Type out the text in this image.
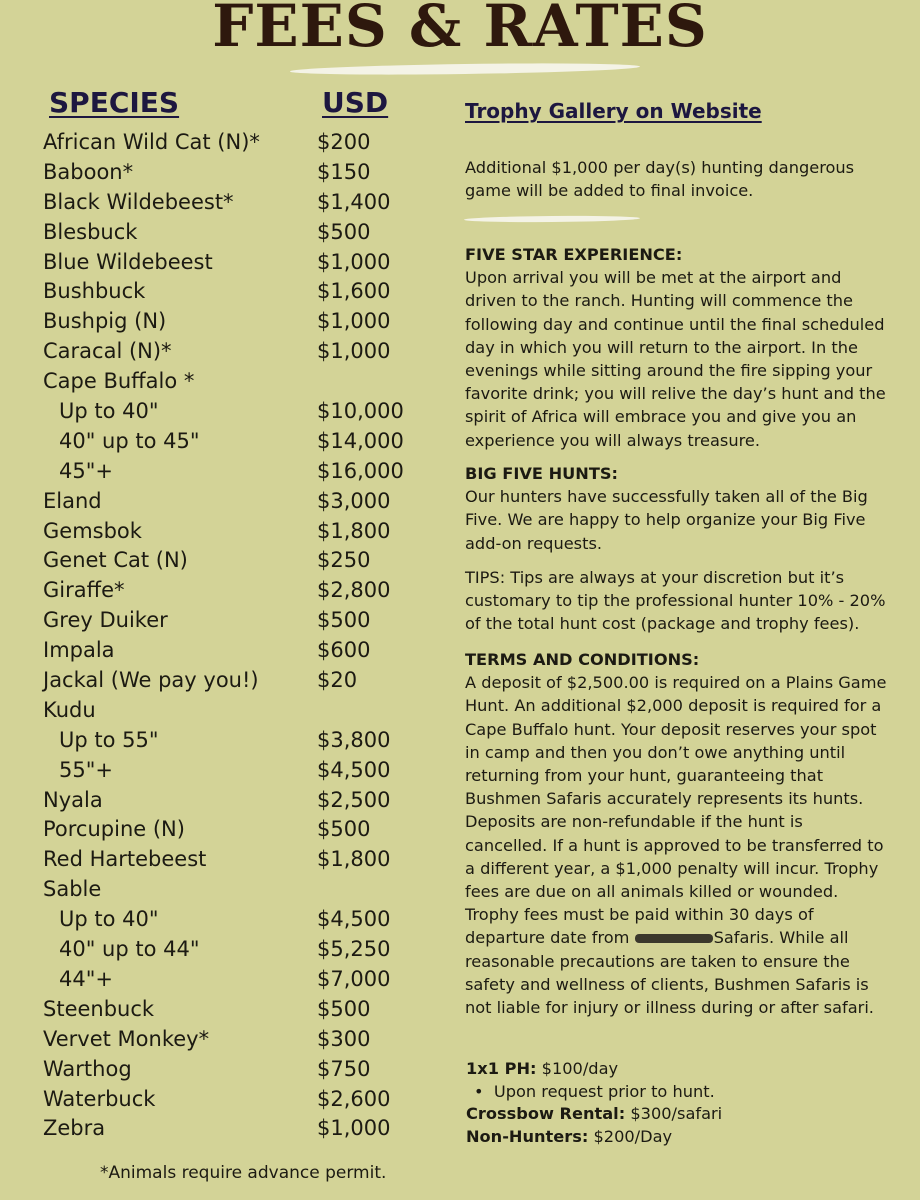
FEES & RATES
SPECIES	USD
African Wild Cat (N)*	$200
Baboon*	$150
Black Wildebeest*	$1,400
Blesbuck	$500
Blue Wildebeest	$1,000
Bushbuck	$1,600
Bushpig (N)	$1,000
Caracal (N)*	$1,000
Cape Buffalo *
Up to 40"	$10,000
40" up to 45"	$14,000
45"+	$16,000
Eland	$3,000
Gemsbok	$1,800
Genet Cat (N)	$250
Giraffe*	$2,800
Grey Duiker	$500
Impala	$600
Jackal (We pay you!)	$20
Kudu
Up to 55"	$3,800
55"+	$4,500
Nyala	$2,500
Porcupine (N)	$500
Red Hartebeest	$1,800
Sable
Up to 40"	$4,500
40" up to 44"	$5,250
44"+	$7,000
Steenbuck	$500
Vervet Monkey*	$300
Warthog	$750
Waterbuck	$2,600
Zebra	$1,000
Trophy Gallery on Website
Additional $1,000 per day(s) hunting dangerous game will be added to final invoice.
FIVE STAR EXPERIENCE:
Upon arrival you will be met at the airport and driven to the ranch. Hunting will commence the following day and continue until the final scheduled day in which you will return to the airport. In the evenings while sitting around the fire sipping your favorite drink; you will relive the day’s hunt and the spirit of Africa will embrace you and give you an experience you will always treasure.
BIG FIVE HUNTS:
Our hunters have successfully taken all of the Big Five. We are happy to help organize your Big Five add-on requests.
TIPS: Tips are always at your discretion but it’s customary to tip the professional hunter 10% - 20% of the total hunt cost (package and trophy fees).
TERMS AND CONDITIONS:
A deposit of $2,500.00 is required on a Plains Game Hunt. An additional $2,000 deposit is required for a Cape Buffalo hunt. Your deposit reserves your spot in camp and then you don’t owe anything until returning from your hunt, guaranteeing that Bushmen Safaris accurately represents its hunts. Deposits are non-refundable if the hunt is cancelled. If a hunt is approved to be transferred to a different year, a $1,000 penalty will incur. Trophy fees are due on all animals killed or wounded. Trophy fees must be paid within 30 days of departure date from	Safaris. While all reasonable precautions are taken to ensure the safety and wellness of clients, Bushmen Safaris is not liable for injury or illness during or after safari.
1x1 PH: $100/day
•  Upon request prior to hunt.
Crossbow Rental: $300/safari
Non-Hunters: $200/Day
*Animals require advance permit.
